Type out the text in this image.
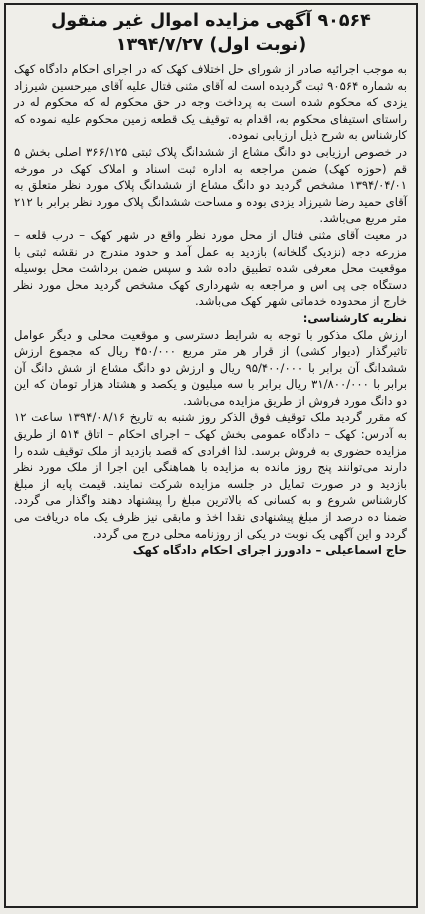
۹۰۵۶۴ آگهی مزایده اموال غیر منقول
(نوبت اول) ۱۳۹۴/۷/۲۷

به موجب اجرائیه صادر از شورای حل اختلاف کهک که در اجرای احکام دادگاه کهک به شماره ۹۰۵۶۴ ثبت گردیده است له آقای مثنی فتال علیه آقای میرحسین شیرزاد یزدی که محکوم شده است به پرداخت وجه در حق محکوم له که محکوم له در راستای استیفای محکوم به، اقدام به توقیف یک قطعه زمین محکوم علیه نموده که کارشناس به شرح ذیل ارزیابی نموده.

در خصوص ارزیابی دو دانگ مشاع از ششدانگ پلاک ثبتی ۳۶۶/۱۲۵ اصلی بخش ۵ قم (حوزه کهک) ضمن مراجعه به اداره ثبت اسناد و املاک کهک در مورخه ۱۳۹۴/۰۴/۰۱ مشخص گردید دو دانگ مشاع از ششدانگ پلاک مورد نظر متعلق به آقای حمید رضا شیرزاد یزدی بوده و مساحت ششدانگ پلاک مورد نظر برابر با ۲۱۲ متر مربع می‌باشد.

در معیت آقای مثنی فتال از محل مورد نظر واقع در شهر کهک – درب قلعه – مزرعه دجه (نزدیک گلخانه) بازدید به عمل آمد و حدود مندرج در نقشه ثبتی با موقعیت محل معرفی شده تطبیق داده شد و سپس ضمن برداشت محل بوسیله دستگاه جی پی اس و مراجعه به شهرداری کهک مشخص گردید محل مورد نظر خارج از محدوده خدماتی شهر کهک می‌باشد.

نظریه کارشناسی:

ارزش ملک مذکور با توجه به شرایط دسترسی و موقعیت محلی و دیگر عوامل تاثیرگذار (دیوار کشی) از قرار هر متر مربع ۴۵۰/۰۰۰ ریال که مجموع ارزش ششدانگ آن برابر با ۹۵/۴۰۰/۰۰۰ ریال و ارزش دو دانگ مشاع از شش دانگ آن برابر با ۳۱/۸۰۰/۰۰۰ ریال برابر با سه میلیون و یکصد و هشتاد هزار تومان که این دو دانگ مورد فروش از طریق مزایده می‌باشد.

که مقرر گردید ملک توقیف فوق الذکر روز شنبه به تاریخ ۱۳۹۴/۰۸/۱۶ ساعت ۱۲ به آدرس: کهک – دادگاه عمومی بخش کهک – اجرای احکام – اتاق ۵۱۴ از طریق مزایده حضوری به فروش برسد. لذا افرادی که قصد بازدید از ملک توقیف شده را دارند می‌توانند پنج روز مانده به مزایده با هماهنگی این اجرا از ملک مورد نظر بازدید و در صورت تمایل در جلسه مزایده شرکت نمایند. قیمت پایه از مبلغ کارشناس شروع و به کسانی که بالاترین مبلغ را پیشنهاد دهند واگذار می گردد. ضمنا ده درصد از مبلغ پیشنهادی نقدا اخذ و مابقی نیز ظرف یک ماه دریافت می گردد و این آگهی یک نوبت در یکی از روزنامه محلی درج می گردد.

حاج اسماعیلی – دادورز اجرای احکام دادگاه کهک
